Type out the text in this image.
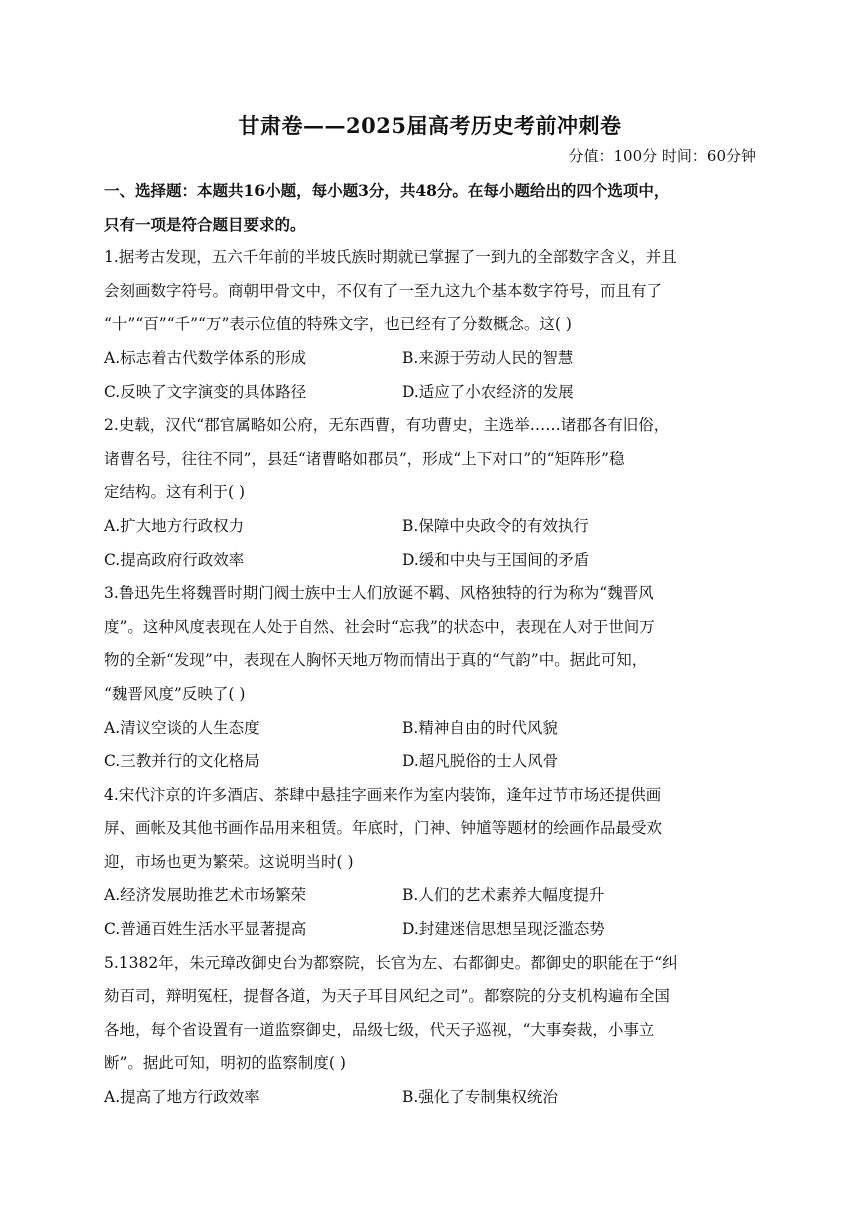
甘肃卷——2025届高考历史考前冲刺卷
分值：100分 时间：60分钟
一、选择题：本题共16小题，每小题3分，共48分。在每小题给出的四个选项中，
只有一项是符合题目要求的。
1.据考古发现，五六千年前的半坡氏族时期就已掌握了一到九的全部数字含义，并且
会刻画数字符号。商朝甲骨文中，不仅有了一至九这九个基本数字符号，而且有了
“十”“百”“千”“万”表示位值的特殊文字，也已经有了分数概念。这( )
A.标志着古代数学体系的形成	B.来源于劳动人民的智慧
C.反映了文字演变的具体路径	D.适应了小农经济的发展
2.史载，汉代“郡官属略如公府，无东西曹，有功曹史，主选举……诸郡各有旧俗，
诸曹名号，往往不同”，县廷“诸曹略如郡员”，形成“上下对口”的“矩阵形”稳
定结构。这有利于( )
A.扩大地方行政权力	B.保障中央政令的有效执行
C.提高政府行政效率	D.缓和中央与王国间的矛盾
3.鲁迅先生将魏晋时期门阀士族中士人们放诞不羁、风格独特的行为称为“魏晋风
度”。这种风度表现在人处于自然、社会时“忘我”的状态中，表现在人对于世间万
物的全新“发现”中，表现在人胸怀天地万物而情出于真的“气韵”中。据此可知，
“魏晋风度”反映了( )
A.清议空谈的人生态度	B.精神自由的时代风貌
C.三教并行的文化格局	D.超凡脱俗的士人风骨
4.宋代汴京的许多酒店、茶肆中悬挂字画来作为室内装饰，逢年过节市场还提供画
屏、画帐及其他书画作品用来租赁。年底时，门神、钟馗等题材的绘画作品最受欢
迎，市场也更为繁荣。这说明当时( )
A.经济发展助推艺术市场繁荣	B.人们的艺术素养大幅度提升
C.普通百姓生活水平显著提高	D.封建迷信思想呈现泛滥态势
5.1382年，朱元璋改御史台为都察院，长官为左、右都御史。都御史的职能在于“纠
劾百司，辩明冤枉，提督各道，为天子耳目风纪之司”。都察院的分支机构遍布全国
各地，每个省设置有一道监察御史，品级七级，代天子巡视，“大事奏裁，小事立
断”。据此可知，明初的监察制度( )
A.提高了地方行政效率	B.强化了专制集权统治
